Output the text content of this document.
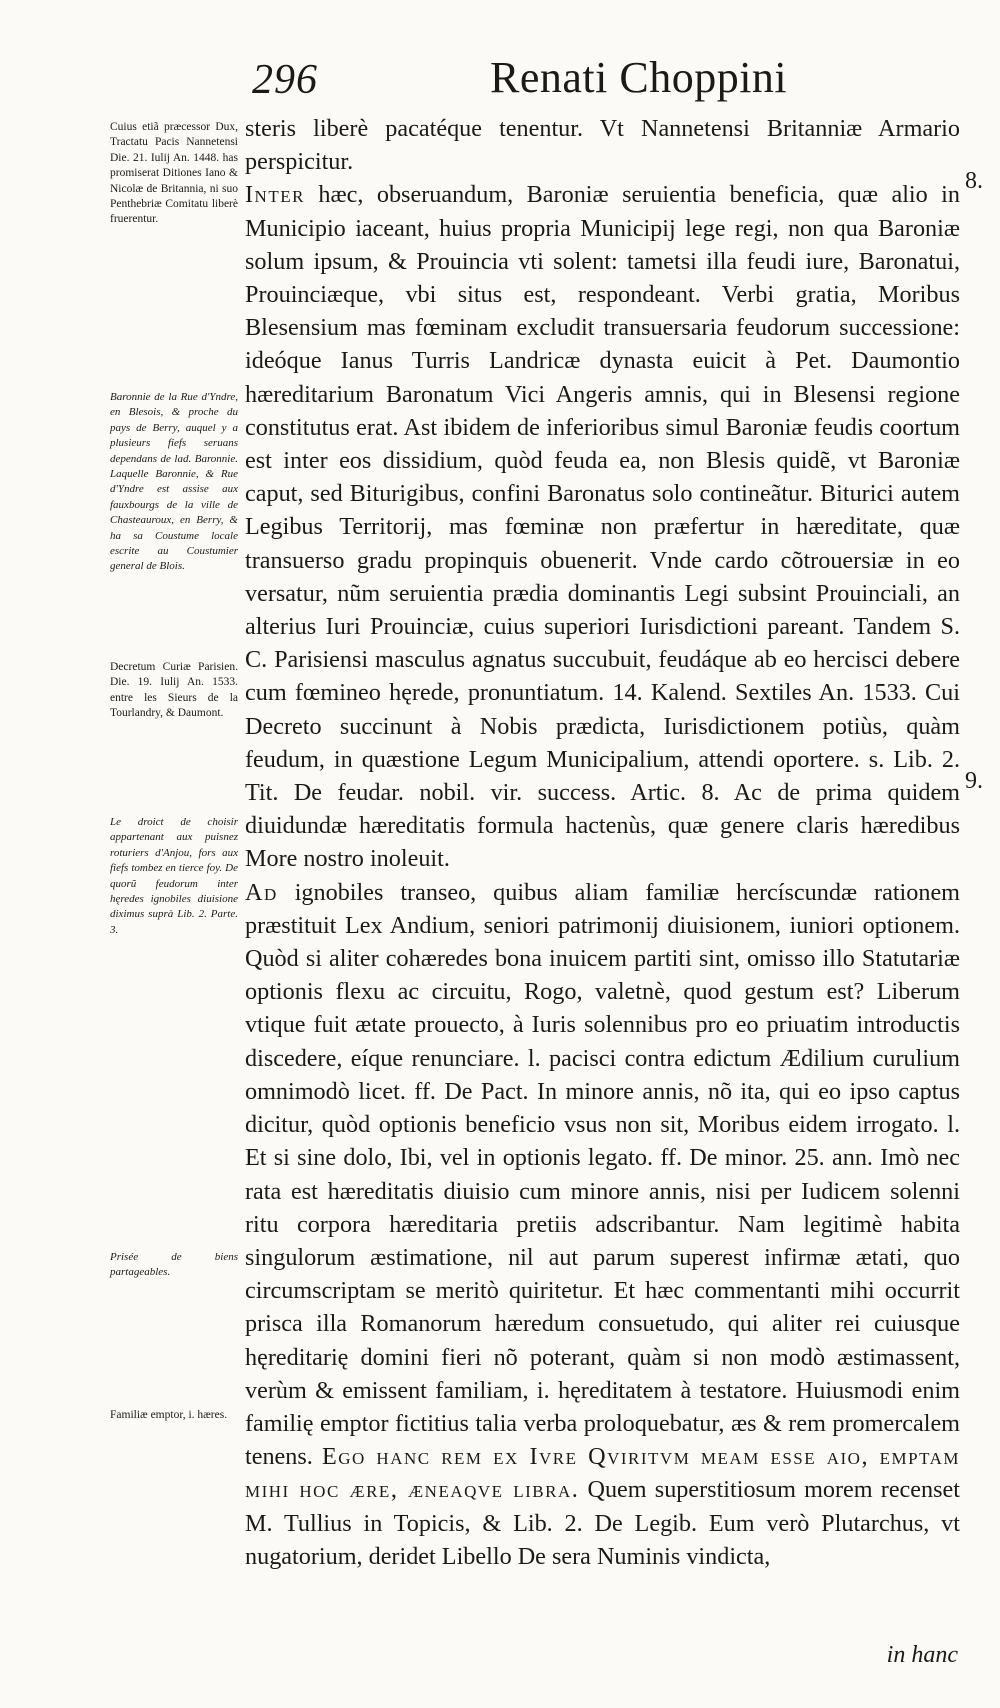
296	Renati Choppini

steris liberè pacatéque tenentur. Vt Nannetensi Britanniæ Armario perspicitur.

Inter hæc, obseruandum, Baroniæ seruientia beneficia, quæ alio in Municipio iaceant, huius propria Municipij lege regi, non qua Baroniæ solum ipsum, & Prouincia vti solent: tametsi illa feudi iure, Baronatui, Prouinciæque, vbi situs est, respondeant. Verbi gratia, Moribus Blesensium mas fœminam excludit transuersaria feudorum successione: ideóque Ianus Turris Landricæ dynasta euicit à Pet. Daumontio hæreditarium Baronatum Vici Angeris amnis, qui in Blesensi regione constitutus erat. Ast ibidem de inferioribus simul Baroniæ feudis coortum est inter eos dissidium, quòd feuda ea, non Blesis quidẽ, vt Baroniæ caput, sed Biturigibus, confini Baronatus solo contineãtur. Biturici autem Legibus Territorij, mas fœminæ non præfertur in hæreditate, quæ transuerso gradu propinquis obuenerit. Vnde cardo cõtrouersiæ in eo versatur, nũm seruientia prædia dominantis Legi subsint Prouinciali, an alterius Iuri Prouinciæ, cuius superiori Iurisdictioni pareant. Tandem S. C. Parisiensi masculus agnatus succubuit, feudáque ab eo hercisci debere cum fœmineo hęrede, pronuntiatum. 14. Kalend. Sextiles An. 1533. Cui Decreto succinunt à Nobis prædicta, Iurisdictionem potiùs, quàm feudum, in quæstione Legum Municipalium, attendi oportere. s. Lib. 2. Tit. De feudar. nobil. vir. success. Artic. 8. Ac de prima quidem diuidundæ hæreditatis formula hactenùs, quæ genere claris hæredibus More nostro inoleuit.

Ad ignobiles transeo, quibus aliam familiæ hercíscundæ rationem præstituit Lex Andium, seniori patrimonij diuisionem, iuniori optionem. Quòd si aliter cohæredes bona inuicem partiti sint, omisso illo Statutariæ optionis flexu ac circuitu, Rogo, valetnè, quod gestum est? Liberum vtique fuit ætate prouecto, à Iuris solennibus pro eo priuatim introductis discedere, eíque renunciare. l. pacisci contra edictum Ædilium curulium omnimodò licet. ff. De Pact. In minore annis, nõ ita, qui eo ipso captus dicitur, quòd optionis beneficio vsus non sit, Moribus eidem irrogato. l. Et si sine dolo, Ibi, vel in optionis legato. ff. De minor. 25. ann. Imò nec rata est hæreditatis diuisio cum minore annis, nisi per Iudicem solenni ritu corpora hæreditaria pretiis adscribantur. Nam legitimè habita singulorum æstimatione, nil aut parum superest infirmæ ætati, quo circumscriptam se meritò quiritetur. Et hæc commentanti mihi occurrit prisca illa Romanorum hæredum consuetudo, qui aliter rei cuiusque hęreditarię domini fieri nõ poterant, quàm si non modò æstimassent, verùm & emissent familiam, i. hęreditatem à testatore. Huiusmodi enim familię emptor fictitius talia verba proloquebatur, æs & rem promercalem tenens. Ego hanc rem ex Ivre Qviritvm meam esse aio, emptam mihi hoc ære, æneaqve libra. Quem superstitiosum morem recenset M. Tullius in Topicis, & Lib. 2. De Legib. Eum verò Plutarchus, vt nugatorium, deridet Libello De sera Numinis vindicta,

in hanc
8.
9.
Cuius etiã præcessor Dux, Tractatu Pacis Nannetensi Die. 21. Iulij An. 1448. has promiserat Ditiones Iano & Nicolæ de Britannia, ni suo Penthebriæ Comitatu liberè fruerentur.
Baronnie de la Rue d'Yndre, en Blesois, & proche du pays de Berry, auquel y a plusieurs fiefs seruans dependans de lad. Baronnie. Laquelle Baronnie, & Rue d'Yndre est assise aux fauxbourgs de la ville de Chasteauroux, en Berry, & ha sa Coustume locale escrite au Coustumier general de Blois.
Decretum Curiæ Parisien. Die. 19. Iulij An. 1533. entre les Sieurs de la Tourlandry, & Daumont.
Le droict de choisir appartenant aux puisnez roturiers d'Anjou, fors aux fiefs tombez en tierce foy. De quorũ feudorum inter hęredes ignobiles diuisione diximus suprà Lib. 2. Parte. 3.
Prisée de biens partageables.
Familiæ emptor, i. hæres.
